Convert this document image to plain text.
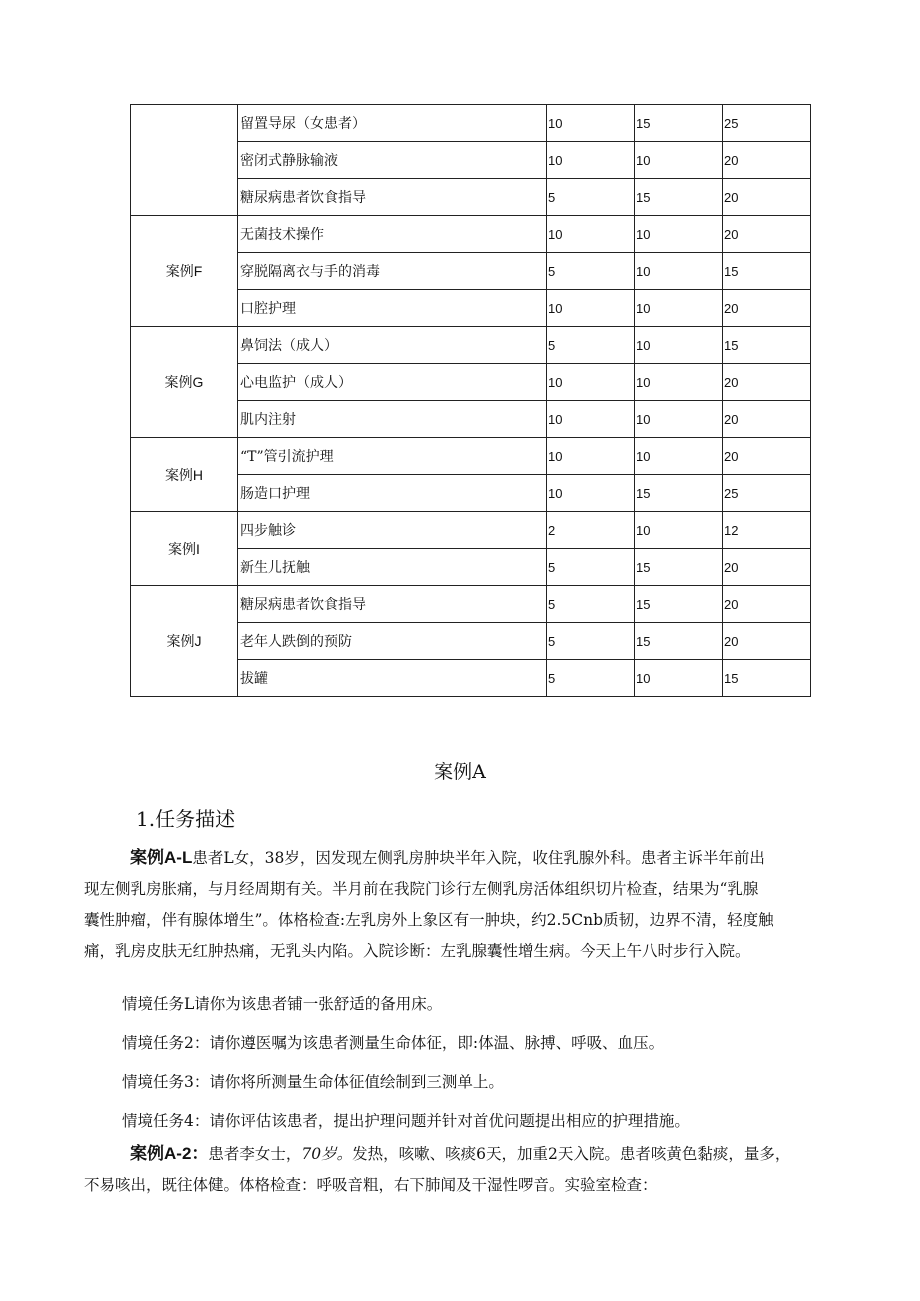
	留置导尿（女患者）	10	15	25
	密闭式静脉输液	10	10	20
	糖尿病患者饮食指导	5	15	20
案例F	无菌技术操作	10	10	20
	穿脱隔离衣与手的消毒	5	10	15
	口腔护理	10	10	20
案例G	鼻饲法（成人）	5	10	15
	心电监护（成人）	10	10	20
	肌内注射	10	10	20
案例H	“T”管引流护理	10	10	20
	肠造口护理	10	15	25
案例I	四步触诊	2	10	12
	新生儿抚触	5	15	20
案例J	糖尿病患者饮食指导	5	15	20
	老年人跌倒的预防	5	15	20
	拔罐	5	10	15
案例A
1.任务描述
案例A-L患者L女，38岁，因发现左侧乳房肿块半年入院，收住乳腺外科。患者主诉半年前出
现左侧乳房胀痛，与月经周期有关。半月前在我院门诊行左侧乳房活体组织切片检查，结果为“乳腺
囊性肿瘤，伴有腺体增生”。体格检查:左乳房外上象区有一肿块，约2.5Cnb质韧，边界不清，轻度触
痛，乳房皮肤无红肿热痛，无乳头内陷。入院诊断：左乳腺囊性增生病。今天上午八时步行入院。
情境任务L请你为该患者铺一张舒适的备用床。
情境任务2：请你遵医嘱为该患者测量生命体征，即:体温、脉搏、呼吸、血压。
情境任务3：请你将所测量生命体征值绘制到三测单上。
情境任务4：请你评估该患者，提出护理问题并针对首优问题提出相应的护理措施。
案例A-2：患者李女士，70岁。发热，咳嗽、咳痰6天，加重2天入院。患者咳黄色黏痰，量多，
不易咳出，既往体健。体格检查：呼吸音粗，右下肺闻及干湿性啰音。实验室检查：
